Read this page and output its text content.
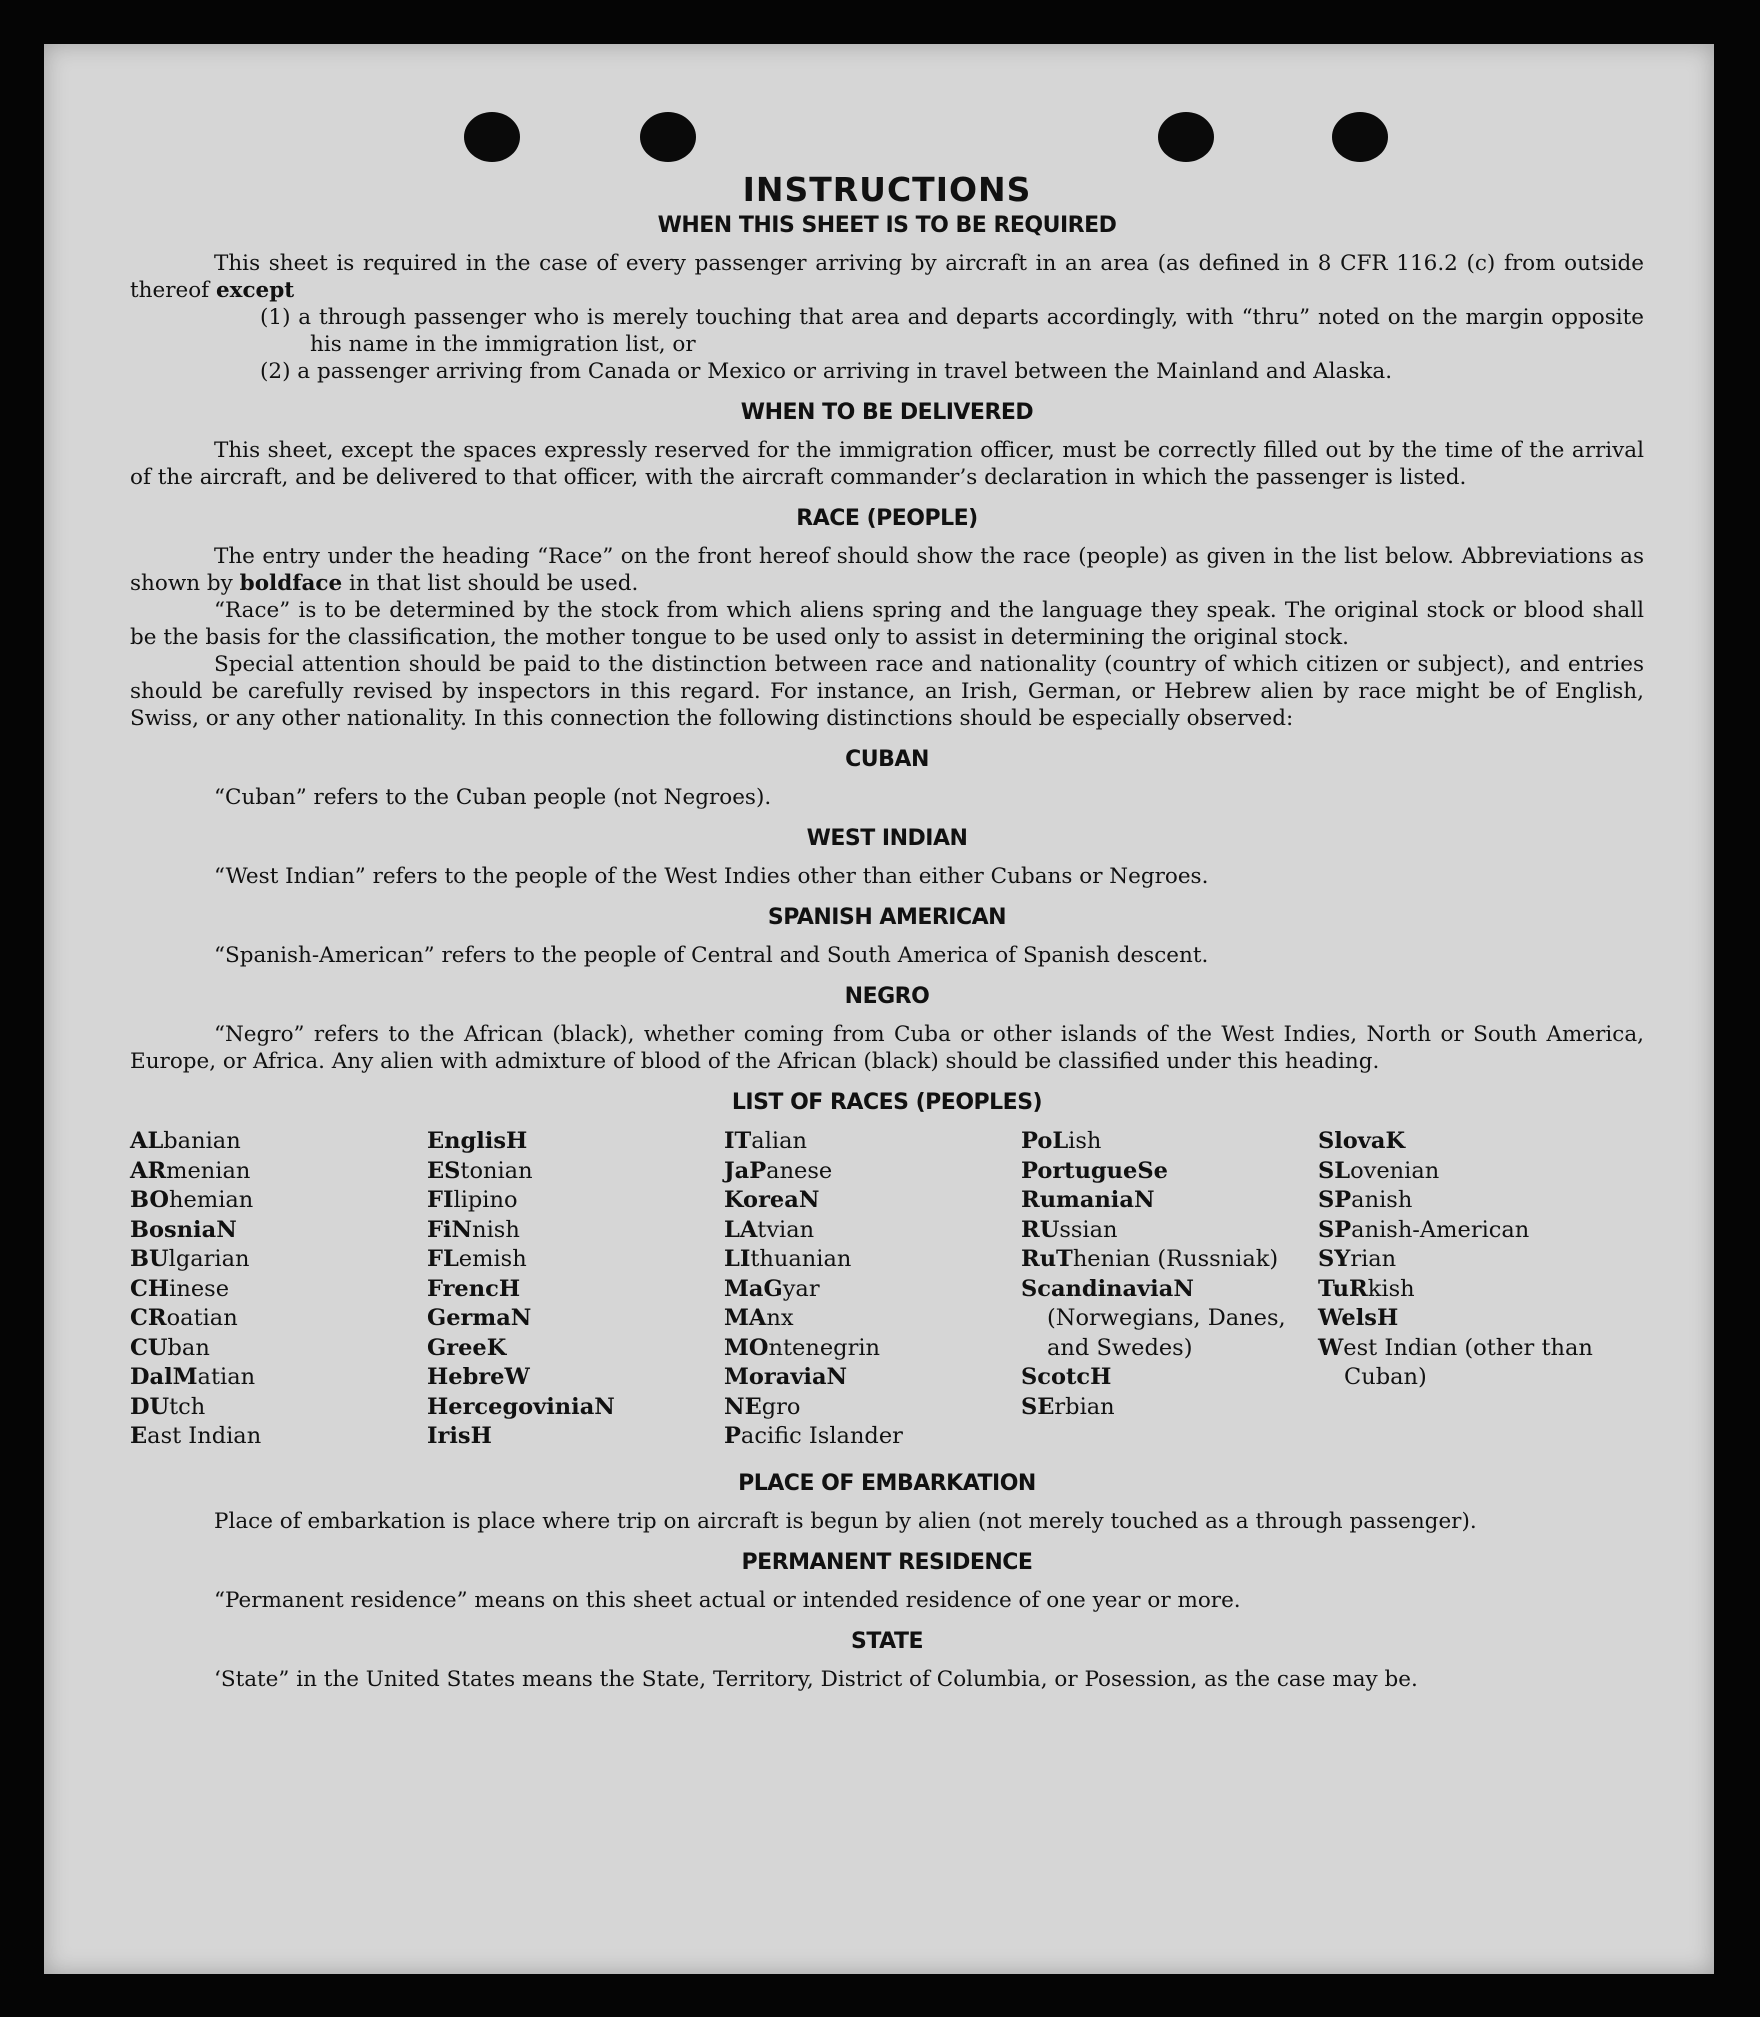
INSTRUCTIONS
WHEN THIS SHEET IS TO BE REQUIRED

This sheet is required in the case of every passenger arriving by aircraft in an area (as defined in 8 CFR 116.2 (c) from outside thereof except

(1) a through passenger who is merely touching that area and departs accordingly, with “thru” noted on the margin opposite his name in the immigration list, or
(2) a passenger arriving from Canada or Mexico or arriving in travel between the Mainland and Alaska.
WHEN TO BE DELIVERED

This sheet, except the spaces expressly reserved for the immigration officer, must be correctly filled out by the time of the arrival of the aircraft, and be delivered to that officer, with the aircraft commander’s declaration in which the passenger is listed.

RACE (PEOPLE)

The entry under the heading “Race” on the front hereof should show the race (people) as given in the list below. Abbreviations as shown by boldface in that list should be used.

“Race” is to be determined by the stock from which aliens spring and the language they speak. The original stock or blood shall be the basis for the classification, the mother tongue to be used only to assist in determining the original stock.

Special attention should be paid to the distinction between race and nationality (country of which citizen or subject), and entries should be carefully revised by inspectors in this regard. For instance, an Irish, German, or Hebrew alien by race might be of English, Swiss, or any other nationality. In this connection the following distinctions should be especially observed:

CUBAN

“Cuban” refers to the Cuban people (not Negroes).

WEST INDIAN

“West Indian” refers to the people of the West Indies other than either Cubans or Negroes.

SPANISH AMERICAN

“Spanish-American” refers to the people of Central and South America of Spanish descent.

NEGRO

“Negro” refers to the African (black), whether coming from Cuba or other islands of the West Indies, North or South America, Europe, or Africa. Any alien with admixture of blood of the African (black) should be classified under this heading.

LIST OF RACES (PEOPLES)
ALbanian
ARmenian
BOhemian
BosniaN
BUlgarian
CHinese
CRoatian
CUban
DalMatian
DUtch
East Indian
EnglisH
EStonian
FIlipino
FiNnish
FLemish
FrencH
GermaN
GreeK
HebreW
HercegoviniaN
IrisH
ITalian
JaPanese
KoreaN
LAtvian
LIthuanian
MaGyar
MAnx
MOntenegrin
MoraviaN
NEgro
Pacific Islander
PoLish
PortugueSe
RumaniaN
RUssian
RuThenian (Russniak)
ScandinaviaN (Norwegians, Danes, and Swedes)
ScotcH
SErbian
SlovaK
SLovenian
SPanish
SPanish-American
SYrian
TuRkish
WelsH
West Indian (other than Cuban)
PLACE OF EMBARKATION

Place of embarkation is place where trip on aircraft is begun by alien (not merely touched as a through passenger).

PERMANENT RESIDENCE

“Permanent residence” means on this sheet actual or intended residence of one year or more.

STATE

‘State” in the United States means the State, Territory, District of Columbia, or Posession, as the case may be.
